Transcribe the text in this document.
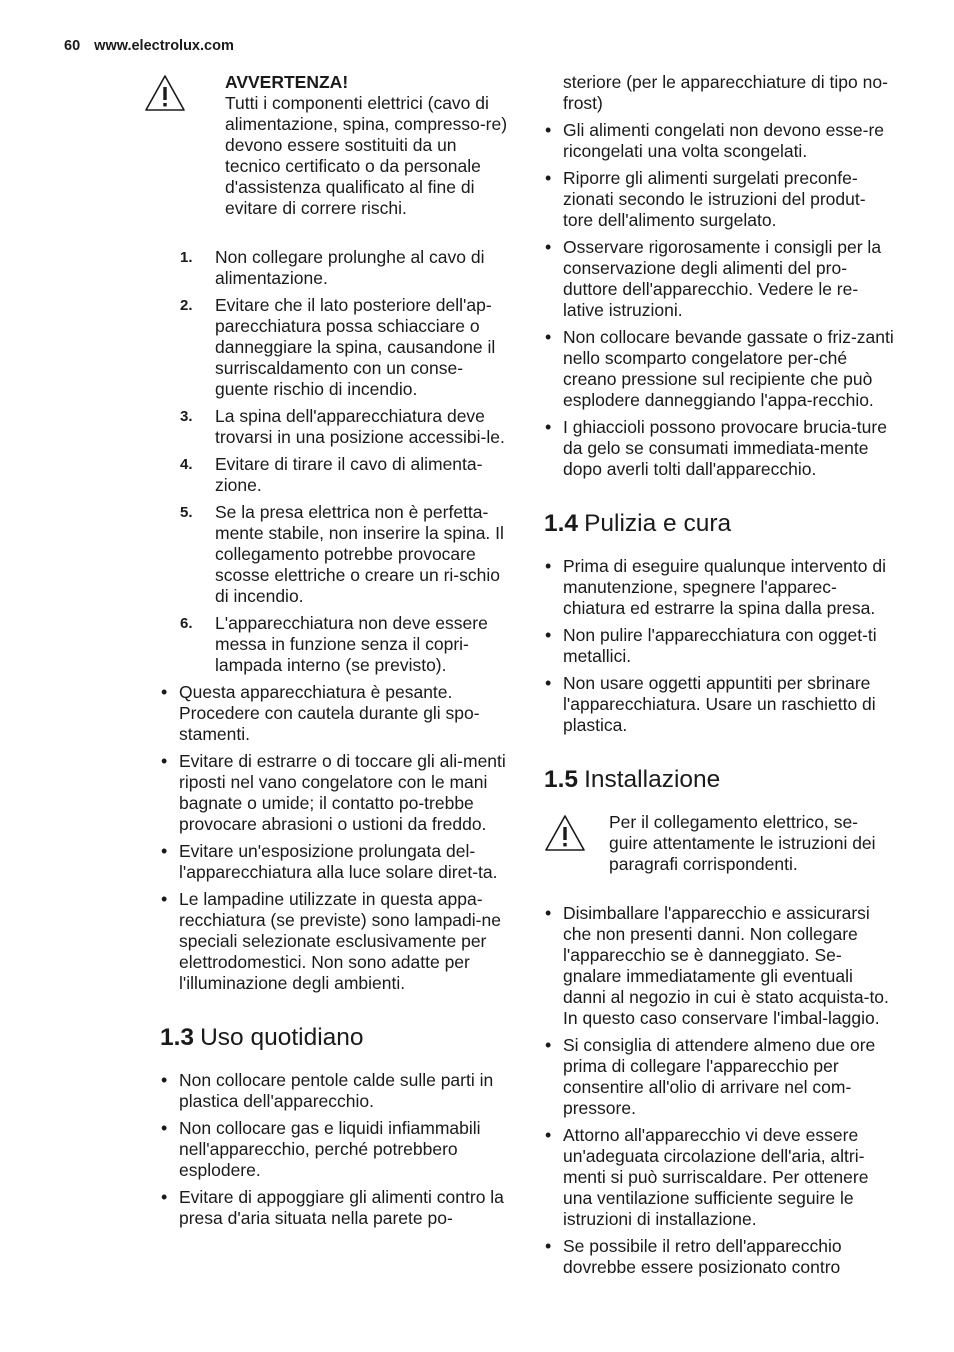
60 www.electrolux.com
AVVERTENZA!
Tutti i componenti elettrici (cavo di alimentazione, spina, compresso-re) devono essere sostituiti da un tecnico certificato o da personale d'assistenza qualificato al fine di evitare di correre rischi.
1. Non collegare prolunghe al cavo di alimentazione.
2. Evitare che il lato posteriore dell'ap-parecchiatura possa schiacciare o danneggiare la spina, causandone il surriscaldamento con un conse-guente rischio di incendio.
3. La spina dell'apparecchiatura deve trovarsi in una posizione accessibi-le.
4. Evitare di tirare il cavo di alimenta-zione.
5. Se la presa elettrica non è perfetta-mente stabile, non inserire la spina. Il collegamento potrebbe provocare scosse elettriche o creare un ri-schio di incendio.
6. L'apparecchiatura non deve essere messa in funzione senza il copri-lampada interno (se previsto).
• Questa apparecchiatura è pesante. Procedere con cautela durante gli spo-stamenti.
• Evitare di estrarre o di toccare gli ali-menti riposti nel vano congelatore con le mani bagnate o umide; il contatto po-trebbe provocare abrasioni o ustioni da freddo.
• Evitare un'esposizione prolungata del-l'apparecchiatura alla luce solare diret-ta.
• Le lampadine utilizzate in questa appa-recchiatura (se previste) sono lampadi-ne speciali selezionate esclusivamente per elettrodomestici. Non sono adatte per l'illuminazione degli ambienti.
1.3 Uso quotidiano
• Non collocare pentole calde sulle parti in plastica dell'apparecchio.
• Non collocare gas e liquidi infiammabili nell'apparecchio, perché potrebbero esplodere.
• Evitare di appoggiare gli alimenti contro la presa d'aria situata nella parete po-
steriore (per le apparecchiature di tipo no-frost)
• Gli alimenti congelati non devono esse-re ricongelati una volta scongelati.
• Riporre gli alimenti surgelati preconfe-zionati secondo le istruzioni del produt-tore dell'alimento surgelato.
• Osservare rigorosamente i consigli per la conservazione degli alimenti del pro-duttore dell'apparecchio. Vedere le re-lative istruzioni.
• Non collocare bevande gassate o friz-zanti nello scomparto congelatore per-ché creano pressione sul recipiente che può esplodere danneggiando l'appa-recchio.
• I ghiaccioli possono provocare brucia-ture da gelo se consumati immediata-mente dopo averli tolti dall'apparecchio.
1.4 Pulizia e cura
• Prima di eseguire qualunque intervento di manutenzione, spegnere l'apparec-chiatura ed estrarre la spina dalla presa.
• Non pulire l'apparecchiatura con ogget-ti metallici.
• Non usare oggetti appuntiti per sbrinare l'apparecchiatura. Usare un raschietto di plastica.
1.5 Installazione
Per il collegamento elettrico, se-guire attentamente le istruzioni dei paragrafi corrispondenti.
• Disimballare l'apparecchio e assicurarsi che non presenti danni. Non collegare l'apparecchio se è danneggiato. Se-gnalare immediatamente gli eventuali danni al negozio in cui è stato acquista-to. In questo caso conservare l'imbal-laggio.
• Si consiglia di attendere almeno due ore prima di collegare l'apparecchio per consentire all'olio di arrivare nel com-pressore.
• Attorno all'apparecchio vi deve essere un'adeguata circolazione dell'aria, altri-menti si può surriscaldare. Per ottenere una ventilazione sufficiente seguire le istruzioni di installazione.
• Se possibile il retro dell'apparecchio dovrebbe essere posizionato contro
